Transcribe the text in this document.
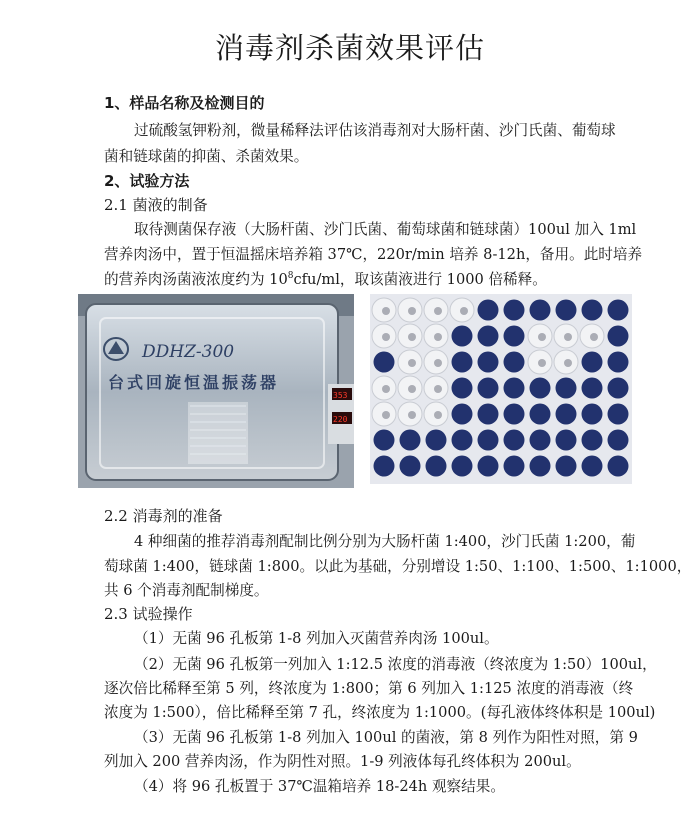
消毒剂杀菌效果评估
1、样品名称及检测目的
过硫酸氢钾粉剂，微量稀释法评估该消毒剂对大肠杆菌、沙门氏菌、葡萄球
菌和链球菌的抑菌、杀菌效果。
2、试验方法
2.1 菌液的制备
取待测菌保存液（大肠杆菌、沙门氏菌、葡萄球菌和链球菌）100ul 加入 1ml
营养肉汤中，置于恒温摇床培养箱 37℃，220r/min 培养 8-12h，备用。此时培养
的营养肉汤菌液浓度约为 $10^8cfu/ml$，取该菌液进行 1000 倍稀释。
DDHZ-300
台式回旋恒温振荡器
353
220
2.2 消毒剂的准备
4 种细菌的推荐消毒剂配制比例分别为大肠杆菌 1:400，沙门氏菌 1:200，葡
萄球菌 1:400，链球菌 1:800。以此为基础，分别增设 1:50、1:100、1:500、1:1000，
共 6 个消毒剂配制梯度。
2.3 试验操作
（1）无菌 96 孔板第 1-8 列加入灭菌营养肉汤 100ul。
（2）无菌 96 孔板第一列加入 1:12.5 浓度的消毒液（终浓度为 1:50）100ul，
逐次倍比稀释至第 5 列，终浓度为 1:800；第 6 列加入 1:125 浓度的消毒液（终
浓度为 1:500），倍比稀释至第 7 孔，终浓度为 1:1000。(每孔液体终体积是 100ul)
（3）无菌 96 孔板第 1-8 列加入 100ul 的菌液，第 8 列作为阳性对照，第 9
列加入 200 营养肉汤，作为阴性对照。1-9 列液体每孔终体积为 200ul。
（4）将 96 孔板置于 37℃温箱培养 18-24h 观察结果。
